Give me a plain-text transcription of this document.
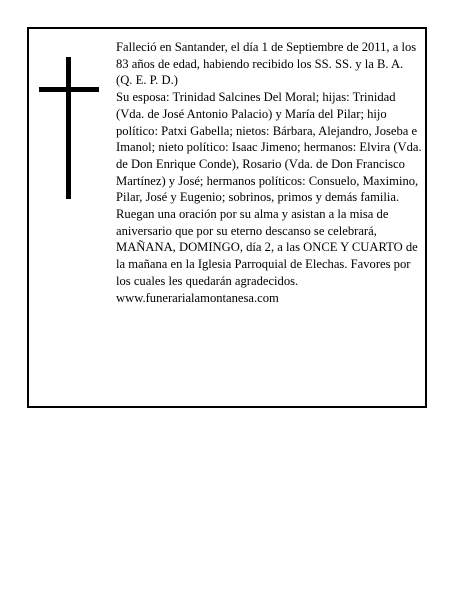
Falleció en Santander, el día 1 de Septiembre de 2011, a los 83 años de edad, habiendo recibido los SS. SS. y la B. A.

(Q. E. P. D.)

Su esposa: Trinidad Salcines Del Moral; hijas: Trinidad (Vda. de José Antonio Palacio) y María del Pilar; hijo político: Patxi Gabella; nietos: Bárbara, Alejandro, Joseba e Imanol; nieto político: Isaac Jimeno; hermanos: Elvira (Vda. de Don Enrique Conde), Rosario (Vda. de Don Francisco Martínez) y José; hermanos políticos: Consuelo, Maximino, Pilar, José y Eugenio; sobrinos, primos y demás familia.

Ruegan una oración por su alma y asistan a la misa de aniversario que por su eterno descanso se celebrará, MAÑANA, DOMINGO, día 2, a las ONCE Y CUARTO de la mañana en la Iglesia Parroquial de Elechas. Favores por los cuales les quedarán agradecidos.

www.funerarialamontanesa.com
